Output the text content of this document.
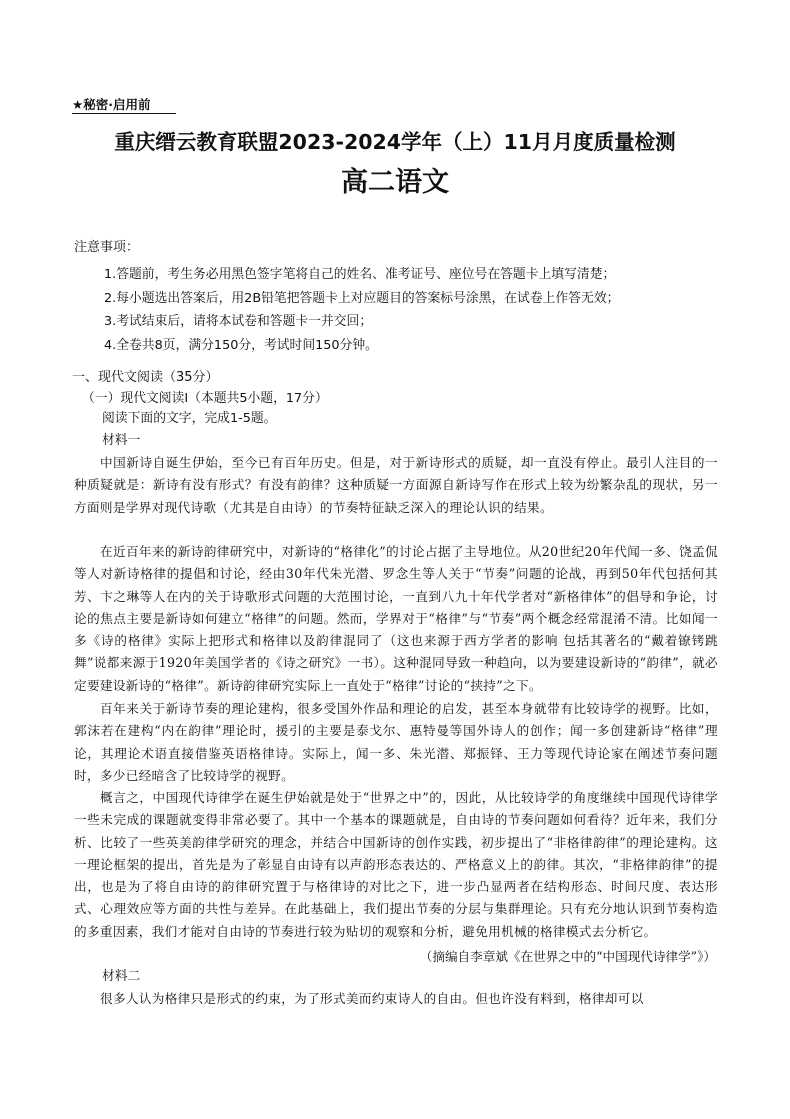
★秘密·启用前
重庆缙云教育联盟2023-2024学年（上）11月月度质量检测
高二语文
注意事项：
1.答题前，考生务必用黑色签字笔将自己的姓名、准考证号、座位号在答题卡上填写清楚；
2.每小题选出答案后，用2B铅笔把答题卡上对应题目的答案标号涂黑，在试卷上作答无效；
3.考试结束后，请将本试卷和答题卡一并交回；
4.全卷共8页，满分150分，考试时间150分钟。
一、现代文阅读（35分）
（一）现代文阅读Ⅰ（本题共5小题，17分）
阅读下面的文字，完成1-5题。
材料一

中国新诗自诞生伊始，至今已有百年历史。但是，对于新诗形式的质疑，却一直没有停止。最引人注目的一种质疑就是：新诗有没有形式？有没有韵律？这种质疑一方面源自新诗写作在形式上较为纷繁杂乱的现状，另一方面则是学界对现代诗歌（尤其是自由诗）的节奏特征缺乏深入的理论认识的结果。

在近百年来的新诗韵律研究中，对新诗的“格律化”的讨论占据了主导地位。从20世纪20年代闻一多、饶孟侃等人对新诗格律的提倡和讨论，经由30年代朱光潜、罗念生等人关于“节奏”问题的论战，再到50年代包括何其芳、卞之琳等人在内的关于诗歌形式问题的大范围讨论，一直到八九十年代学者对“新格律体”的倡导和争论，讨论的焦点主要是新诗如何建立“格律”的问题。然而，学界对于“格律”与“节奏”两个概念经常混淆不清。比如闻一多《诗的格律》实际上把形式和格律以及韵律混同了（这也来源于西方学者的影响 包括其著名的“戴着镣铐跳舞”说都来源于1920年美国学者的《诗之研究》一书）。这种混同导致一种趋向，以为要建设新诗的“韵律”，就必定要建设新诗的“格律”。新诗韵律研究实际上一直处于“格律”讨论的“挟持”之下。

百年来关于新诗节奏的理论建构，很多受国外作品和理论的启发，甚至本身就带有比较诗学的视野。比如，郭沫若在建构“内在韵律”理论时，援引的主要是泰戈尔、惠特曼等国外诗人的创作；闻一多创建新诗“格律”理论，其理论术语直接借鉴英语格律诗。实际上，闻一多、朱光潜、郑振铎、王力等现代诗论家在阐述节奏问题时，多少已经暗含了比较诗学的视野。

概言之，中国现代诗律学在诞生伊始就是处于“世界之中”的，因此，从比较诗学的角度继续中国现代诗律学一些未完成的课题就变得非常必要了。其中一个基本的课题就是，自由诗的节奏问题如何看待？近年来，我们分析、比较了一些英美韵律学研究的理念，并结合中国新诗的创作实践，初步提出了“非格律韵律”的理论建构。这一理论框架的提出，首先是为了彰显自由诗有以声韵形态表达的、严格意义上的韵律。其次，“非格律韵律”的提出，也是为了将自由诗的韵律研究置于与格律诗的对比之下，进一步凸显两者在结构形态、时间尺度、表达形式、心理效应等方面的共性与差异。在此基础上，我们提出节奏的分层与集群理论。只有充分地认识到节奏构造的多重因素，我们才能对自由诗的节奏进行较为贴切的观察和分析，避免用机械的格律模式去分析它。

（摘编自李章斌《在世界之中的“中国现代诗律学”》）
材料二

很多人认为格律只是形式的约束，为了形式美而约束诗人的自由。但也许没有料到，格律却可以
